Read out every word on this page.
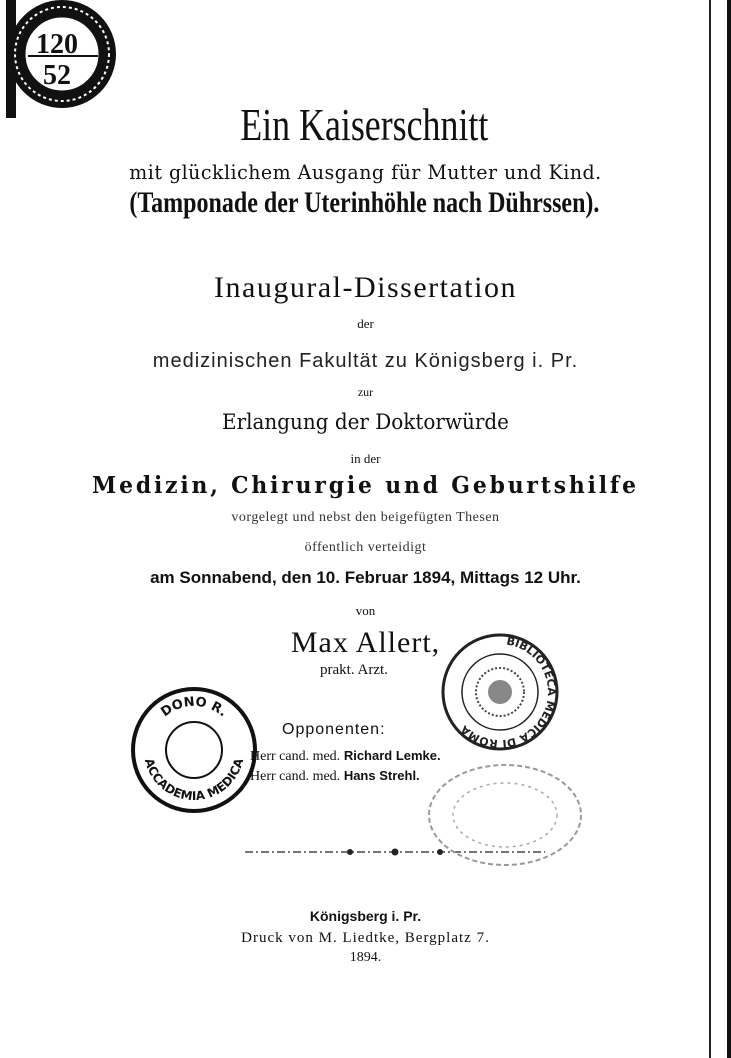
120
52
Ein Kaiserschnitt
mit glücklichem Ausgang für Mutter und Kind.
(Tamponade der Uterinhöhle nach Dührssen).
Inaugural-Dissertation
der
medizinischen Fakultät zu Königsberg i. Pr.
zur
Erlangung der Doktorwürde
in der
Medizin, Chirurgie und Geburtshilfe
vorgelegt und nebst den beigefügten Thesen
öffentlich verteidigt
am Sonnabend, den 10. Februar 1894, Mittags 12 Uhr.
von
Max Allert,
prakt. Arzt.
Opponenten:
Herr cand. med. Richard Lemke.
Herr cand. med. Hans Strehl.
Königsberg i. Pr.
Druck von M. Liedtke, Bergplatz 7.
1894.
DONO R.
ACCADEMIA MEDICA
BIBLIOTECA MEDICA DI ROMA
